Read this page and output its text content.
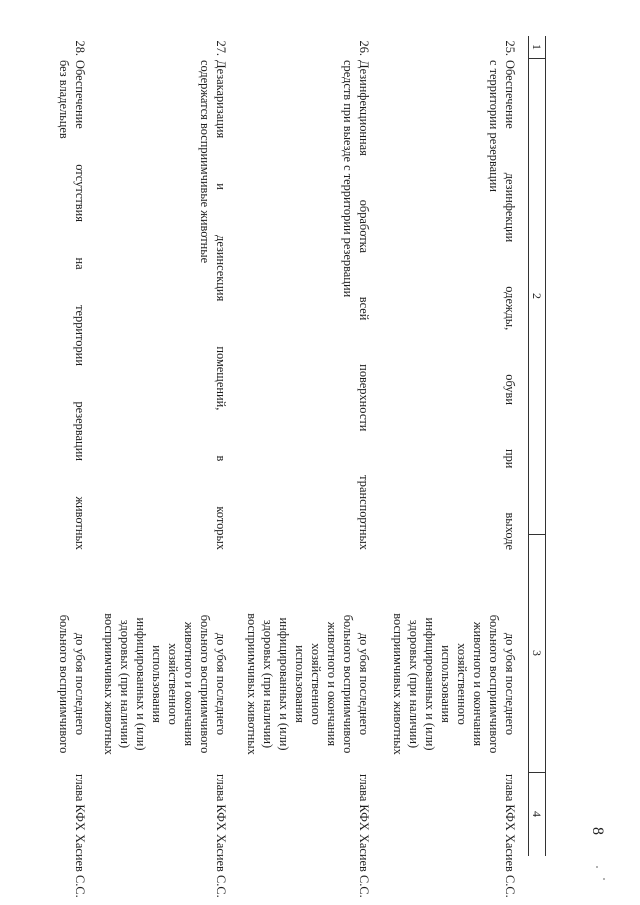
8
1
2
3
4
25.
Обеспечение дезинфекции одежды, обуви при выходе
с территории резервации
до убоя последнего
больного восприимчивого
животного и окончания
хозяйственного
использования
инфицированных и (или)
здоровых (при наличии)
восприимчивых животных
глава КФХ Хасиев С.С.
26.
Дезинфекционная обработка всей поверхности транспортных
средств при выезде с территории резервации
до убоя последнего
больного восприимчивого
животного и окончания
хозяйственного
использования
инфицированных и (или)
здоровых (при наличии)
восприимчивых животных
глава КФХ Хасиев С.С.
27.
Дезакаризация и дезинсекция помещений, в которых
содержатся восприимчивые животные
до убоя последнего
больного восприимчивого
животного и окончания
хозяйственного
использования
инфицированных и (или)
здоровых (при наличии)
восприимчивых животных
глава КФХ Хасиев С.С.
28.
Обеспечение отсутствия на территории резервации животных
без владельцев
до убоя последнего
больного восприимчивого
глава КФХ Хасиев С.С.
